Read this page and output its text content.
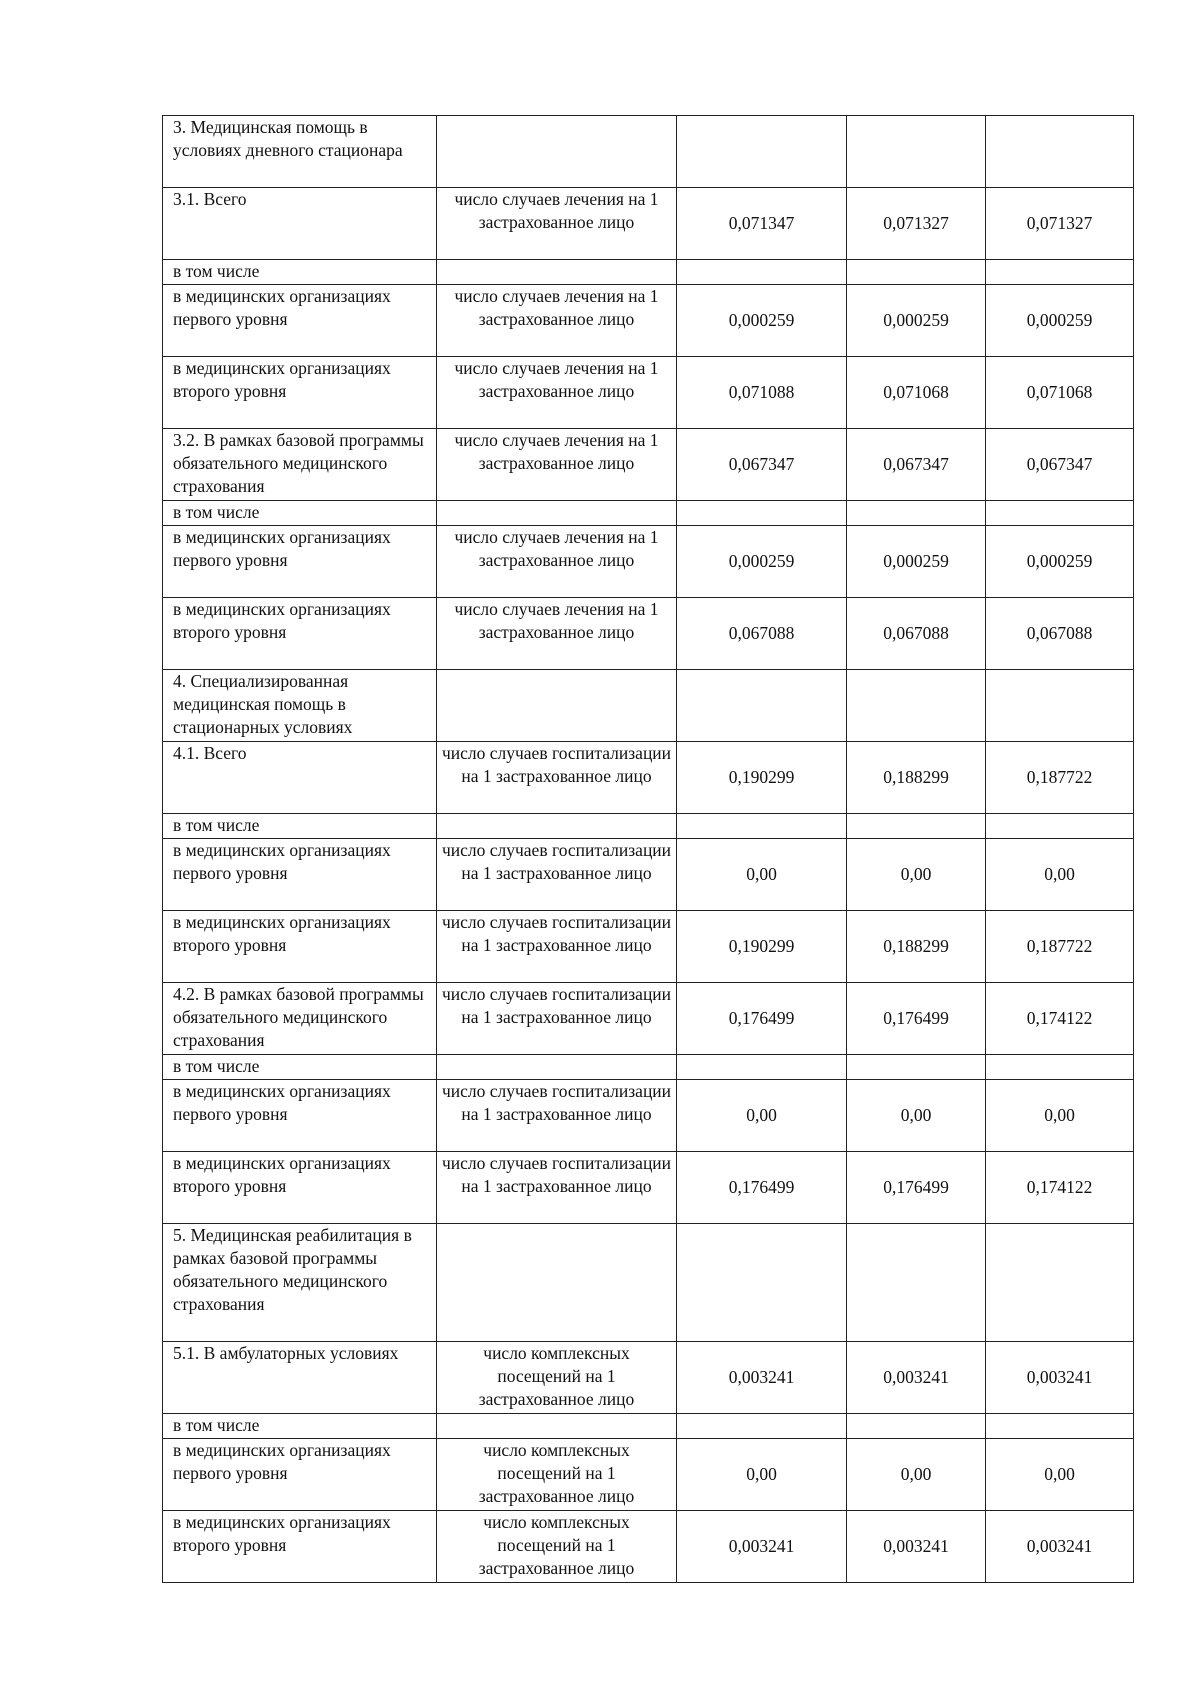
3. Медицинская помощь в условиях дневного стационара				
3.1. Всего	число случаев лечения на 1 застрахованное лицо	0,071347	0,071327	0,071327
в том числе				
в медицинских организациях первого уровня	число случаев лечения на 1 застрахованное лицо	0,000259	0,000259	0,000259
в медицинских организациях второго уровня	число случаев лечения на 1 застрахованное лицо	0,071088	0,071068	0,071068
3.2. В рамках базовой программы обязательного медицинского страхования	число случаев лечения на 1 застрахованное лицо	0,067347	0,067347	0,067347
в том числе				
в медицинских организациях первого уровня	число случаев лечения на 1 застрахованное лицо	0,000259	0,000259	0,000259
в медицинских организациях второго уровня	число случаев лечения на 1 застрахованное лицо	0,067088	0,067088	0,067088
4. Специализированная медицинская помощь в стационарных условиях				
4.1. Всего	число случаев госпитализации на 1 застрахованное лицо	0,190299	0,188299	0,187722
в том числе				
в медицинских организациях первого уровня	число случаев госпитализации на 1 застрахованное лицо	0,00	0,00	0,00
в медицинских организациях второго уровня	число случаев госпитализации на 1 застрахованное лицо	0,190299	0,188299	0,187722
4.2. В рамках базовой программы обязательного медицинского страхования	число случаев госпитализации на 1 застрахованное лицо	0,176499	0,176499	0,174122
в том числе				
в медицинских организациях первого уровня	число случаев госпитализации на 1 застрахованное лицо	0,00	0,00	0,00
в медицинских организациях второго уровня	число случаев госпитализации на 1 застрахованное лицо	0,176499	0,176499	0,174122
5. Медицинская реабилитация в рамках базовой программы обязательного медицинского страхования				
5.1. В амбулаторных условиях	число комплексных посещений на 1 застрахованное лицо	0,003241	0,003241	0,003241
в том числе				
в медицинских организациях первого уровня	число комплексных посещений на 1 застрахованное лицо	0,00	0,00	0,00
в медицинских организациях второго уровня	число комплексных посещений на 1 застрахованное лицо	0,003241	0,003241	0,003241
